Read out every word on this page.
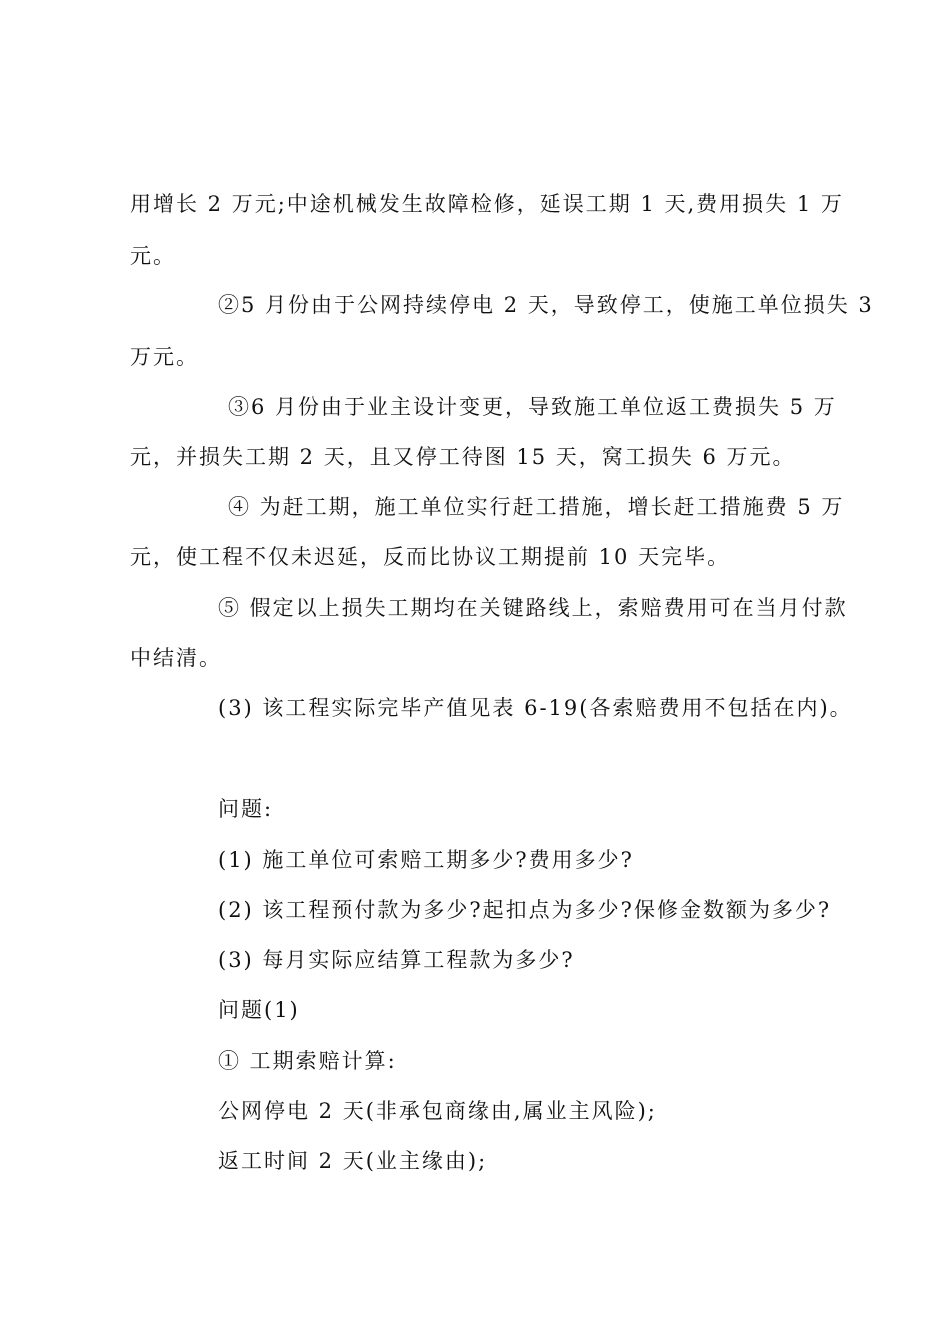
用增长 2 万元;中途机械发生故障检修，延误工期 1 天,费用损失 1 万
元。
②5 月份由于公网持续停电 2 天，导致停工，使施工单位损失 3
万元。
③6 月份由于业主设计变更，导致施工单位返工费损失 5 万
元，并损失工期 2 天，且又停工待图 15 天，窝工损失 6 万元。
④ 为赶工期，施工单位实行赶工措施，增长赶工措施费 5 万
元，使工程不仅未迟延，反而比协议工期提前 10 天完毕。
⑤ 假定以上损失工期均在关键路线上，索赔费用可在当月付款
中结清。
(3) 该工程实际完毕产值见表 6-19(各索赔费用不包括在内)。
问题:
(1) 施工单位可索赔工期多少?费用多少?
(2) 该工程预付款为多少?起扣点为多少?保修金数额为多少?
(3) 每月实际应结算工程款为多少?
问题(1)
① 工期索赔计算:
公网停电 2 天(非承包商缘由,属业主风险);
返工时间 2 天(业主缘由);
